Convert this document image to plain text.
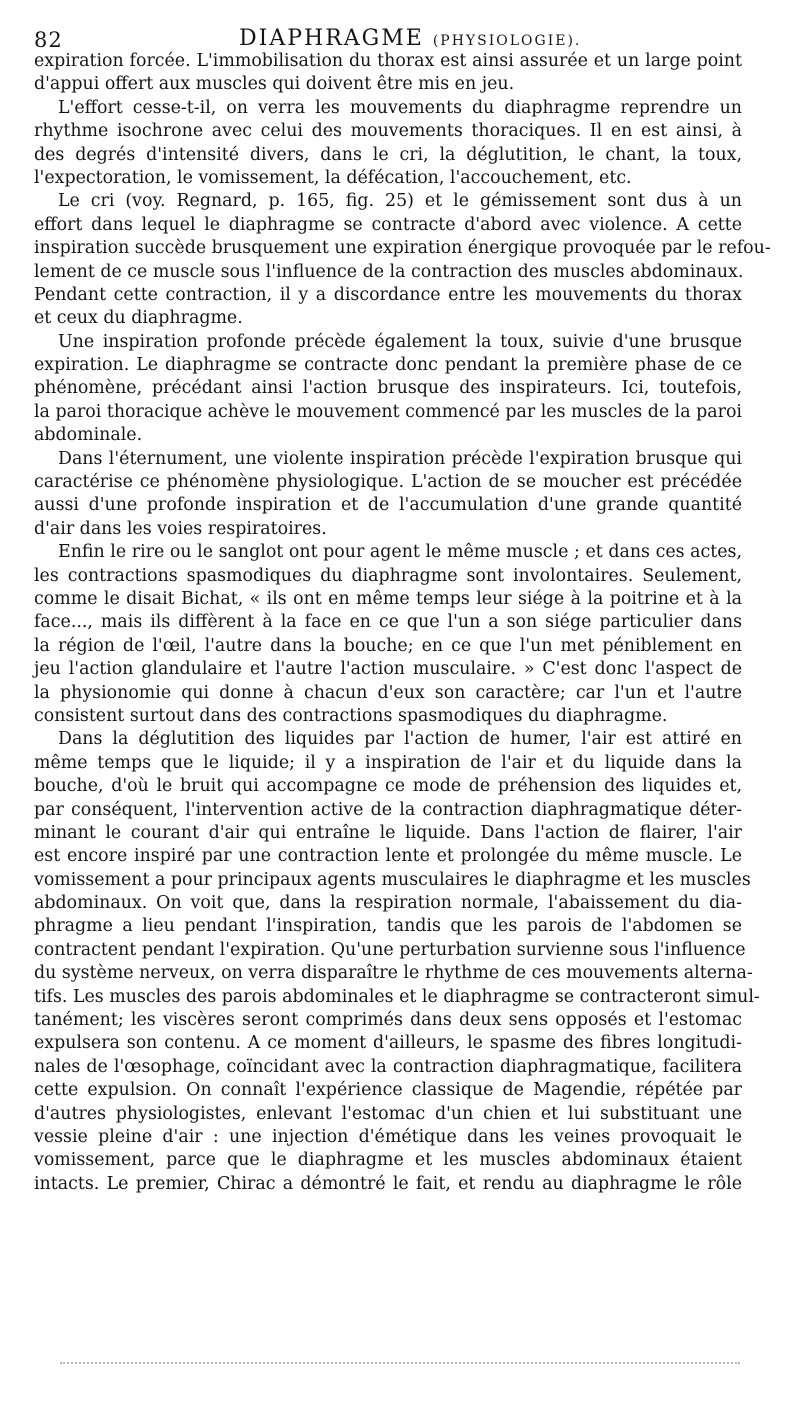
82	DIAPHRAGME (PHYSIOLOGIE).
expiration forcée. L'immobilisation du thorax est ainsi assurée et un large point
d'appui offert aux muscles qui doivent être mis en jeu.
L'effort cesse-t-il, on verra les mouvements du diaphragme reprendre un
rhythme isochrone avec celui des mouvements thoraciques. Il en est ainsi, à
des degrés d'intensité divers, dans le cri, la déglutition, le chant, la toux,
l'expectoration, le vomissement, la défécation, l'accouchement, etc.
Le cri (voy. Regnard, p. 165, fig. 25) et le gémissement sont dus à un
effort dans lequel le diaphragme se contracte d'abord avec violence. A cette
inspiration succède brusquement une expiration énergique provoquée par le refou-
lement de ce muscle sous l'influence de la contraction des muscles abdominaux.
Pendant cette contraction, il y a discordance entre les mouvements du thorax
et ceux du diaphragme.
Une inspiration profonde précède également la toux, suivie d'une brusque
expiration. Le diaphragme se contracte donc pendant la première phase de ce
phénomène, précédant ainsi l'action brusque des inspirateurs. Ici, toutefois,
la paroi thoracique achève le mouvement commencé par les muscles de la paroi
abdominale.
Dans l'éternument, une violente inspiration précède l'expiration brusque qui
caractérise ce phénomène physiologique. L'action de se moucher est précédée
aussi d'une profonde inspiration et de l'accumulation d'une grande quantité
d'air dans les voies respiratoires.
Enfin le rire ou le sanglot ont pour agent le même muscle ; et dans ces actes,
les contractions spasmodiques du diaphragme sont involontaires. Seulement,
comme le disait Bichat, « ils ont en même temps leur siége à la poitrine et à la
face..., mais ils diffèrent à la face en ce que l'un a son siége particulier dans
la région de l'œil, l'autre dans la bouche; en ce que l'un met péniblement en
jeu l'action glandulaire et l'autre l'action musculaire. » C'est donc l'aspect de
la physionomie qui donne à chacun d'eux son caractère; car l'un et l'autre
consistent surtout dans des contractions spasmodiques du diaphragme.
Dans la déglutition des liquides par l'action de humer, l'air est attiré en
même temps que le liquide; il y a inspiration de l'air et du liquide dans la
bouche, d'où le bruit qui accompagne ce mode de préhension des liquides et,
par conséquent, l'intervention active de la contraction diaphragmatique déter-
minant le courant d'air qui entraîne le liquide. Dans l'action de flairer, l'air
est encore inspiré par une contraction lente et prolongée du même muscle. Le
vomissement a pour principaux agents musculaires le diaphragme et les muscles
abdominaux. On voit que, dans la respiration normale, l'abaissement du dia-
phragme a lieu pendant l'inspiration, tandis que les parois de l'abdomen se
contractent pendant l'expiration. Qu'une perturbation survienne sous l'influence
du système nerveux, on verra disparaître le rhythme de ces mouvements alterna-
tifs. Les muscles des parois abdominales et le diaphragme se contracteront simul-
tanément; les viscères seront comprimés dans deux sens opposés et l'estomac
expulsera son contenu. A ce moment d'ailleurs, le spasme des fibres longitudi-
nales de l'œsophage, coïncidant avec la contraction diaphragmatique, facilitera
cette expulsion. On connaît l'expérience classique de Magendie, répétée par
d'autres physiologistes, enlevant l'estomac d'un chien et lui substituant une
vessie pleine d'air : une injection d'émétique dans les veines provoquait le
vomissement, parce que le diaphragme et les muscles abdominaux étaient
intacts. Le premier, Chirac a démontré le fait, et rendu au diaphragme le rôle
